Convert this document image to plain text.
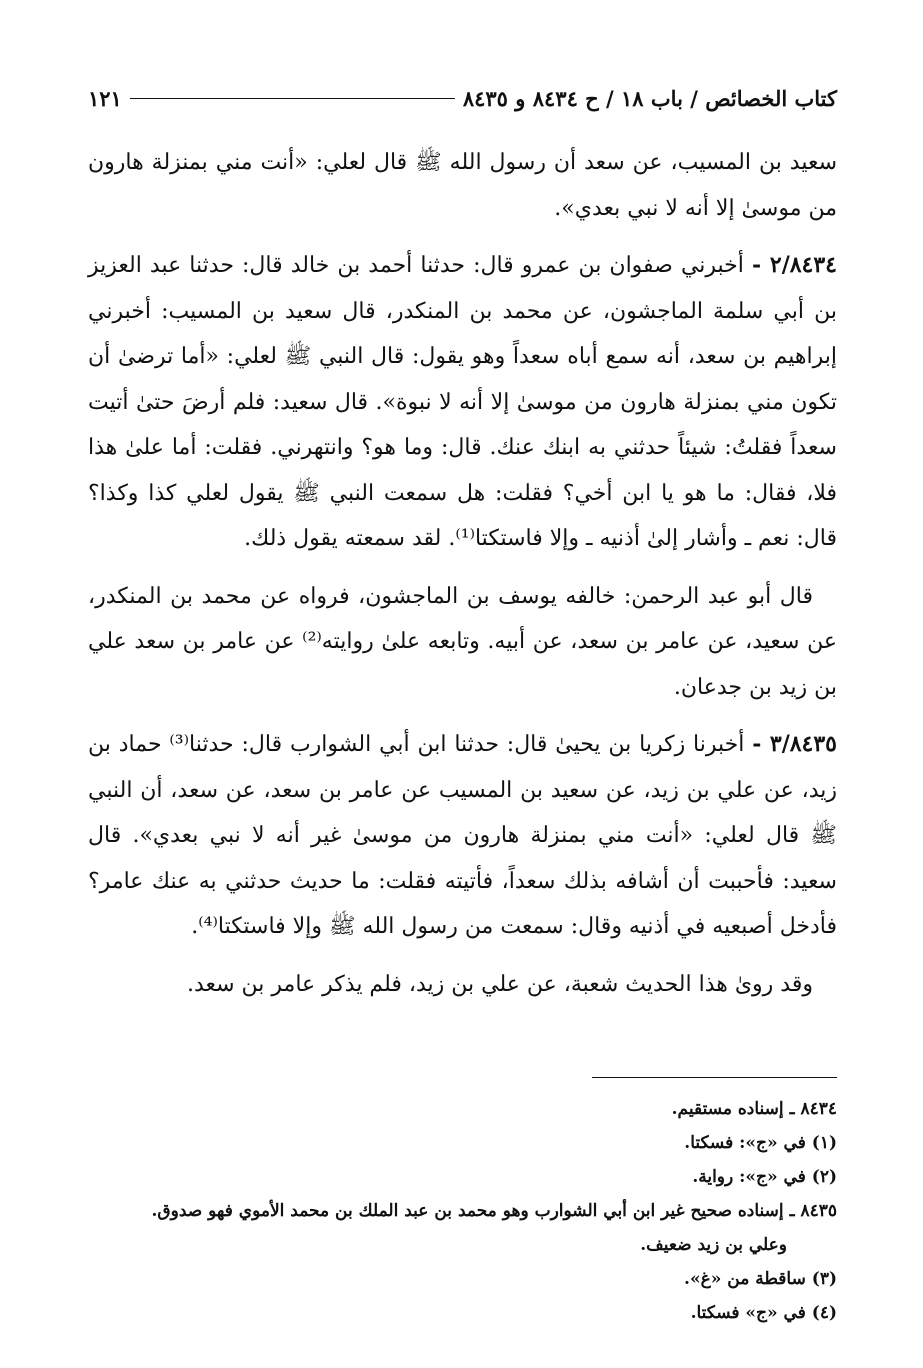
كتاب الخصائص / باب ١٨ / ح ٨٤٣٤ و ٨٤٣٥
١٢١

سعيد بن المسيب، عن سعد أن رسول الله ﷺ قال لعلي: «أنت مني بمنزلة هارون من موسىٰ إلا أنه لا نبي بعدي».

٢/٨٤٣٤ - أخبرني صفوان بن عمرو قال: حدثنا أحمد بن خالد قال: حدثنا عبد العزيز بن أبي سلمة الماجشون، عن محمد بن المنكدر، قال سعيد بن المسيب: أخبرني إبراهيم بن سعد، أنه سمع أباه سعداً وهو يقول: قال النبي ﷺ لعلي: «أما ترضىٰ أن تكون مني بمنزلة هارون من موسىٰ إلا أنه لا نبوة». قال سعيد: فلم أرضَ حتىٰ أتيت سعداً فقلتُ: شيئاً حدثني به ابنك عنك. قال: وما هو؟ وانتهرني. فقلت: أما علىٰ هذا فلا، فقال: ما هو يا ابن أخي؟ فقلت: هل سمعت النبي ﷺ يقول لعلي كذا وكذا؟ قال: نعم ـ وأشار إلىٰ أذنيه ـ وإلا فاستكتا⁽¹⁾. لقد سمعته يقول ذلك.

قال أبو عبد الرحمن: خالفه يوسف بن الماجشون، فرواه عن محمد بن المنكدر، عن سعيد، عن عامر بن سعد، عن أبيه. وتابعه علىٰ روايته⁽²⁾ عن عامر بن سعد علي بن زيد بن جدعان.

٣/٨٤٣٥ - أخبرنا زكريا بن يحيىٰ قال: حدثنا ابن أبي الشوارب قال: حدثنا⁽³⁾ حماد بن زيد، عن علي بن زيد، عن سعيد بن المسيب عن عامر بن سعد، عن سعد، أن النبي ﷺ قال لعلي: «أنت مني بمنزلة هارون من موسىٰ غير أنه لا نبي بعدي». قال سعيد: فأحببت أن أشافه بذلك سعداً، فأتيته فقلت: ما حديث حدثني به عنك عامر؟ فأدخل أصبعيه في أذنيه وقال: سمعت من رسول الله ﷺ وإلا فاستكتا⁽⁴⁾.

وقد روىٰ هذا الحديث شعبة، عن علي بن زيد، فلم يذكر عامر بن سعد.

٨٤٣٤ ـ إسناده مستقيم.
(١) في «ج»: فسكتا.
(٢) في «ج»: رواية.
٨٤٣٥ ـ إسناده صحيح غير ابن أبي الشوارب وهو محمد بن عبد الملك بن محمد الأموي فهو صدوق.
وعلي بن زيد ضعيف.
(٣) ساقطة من «غ».
(٤) في «ج» فسكتا.
